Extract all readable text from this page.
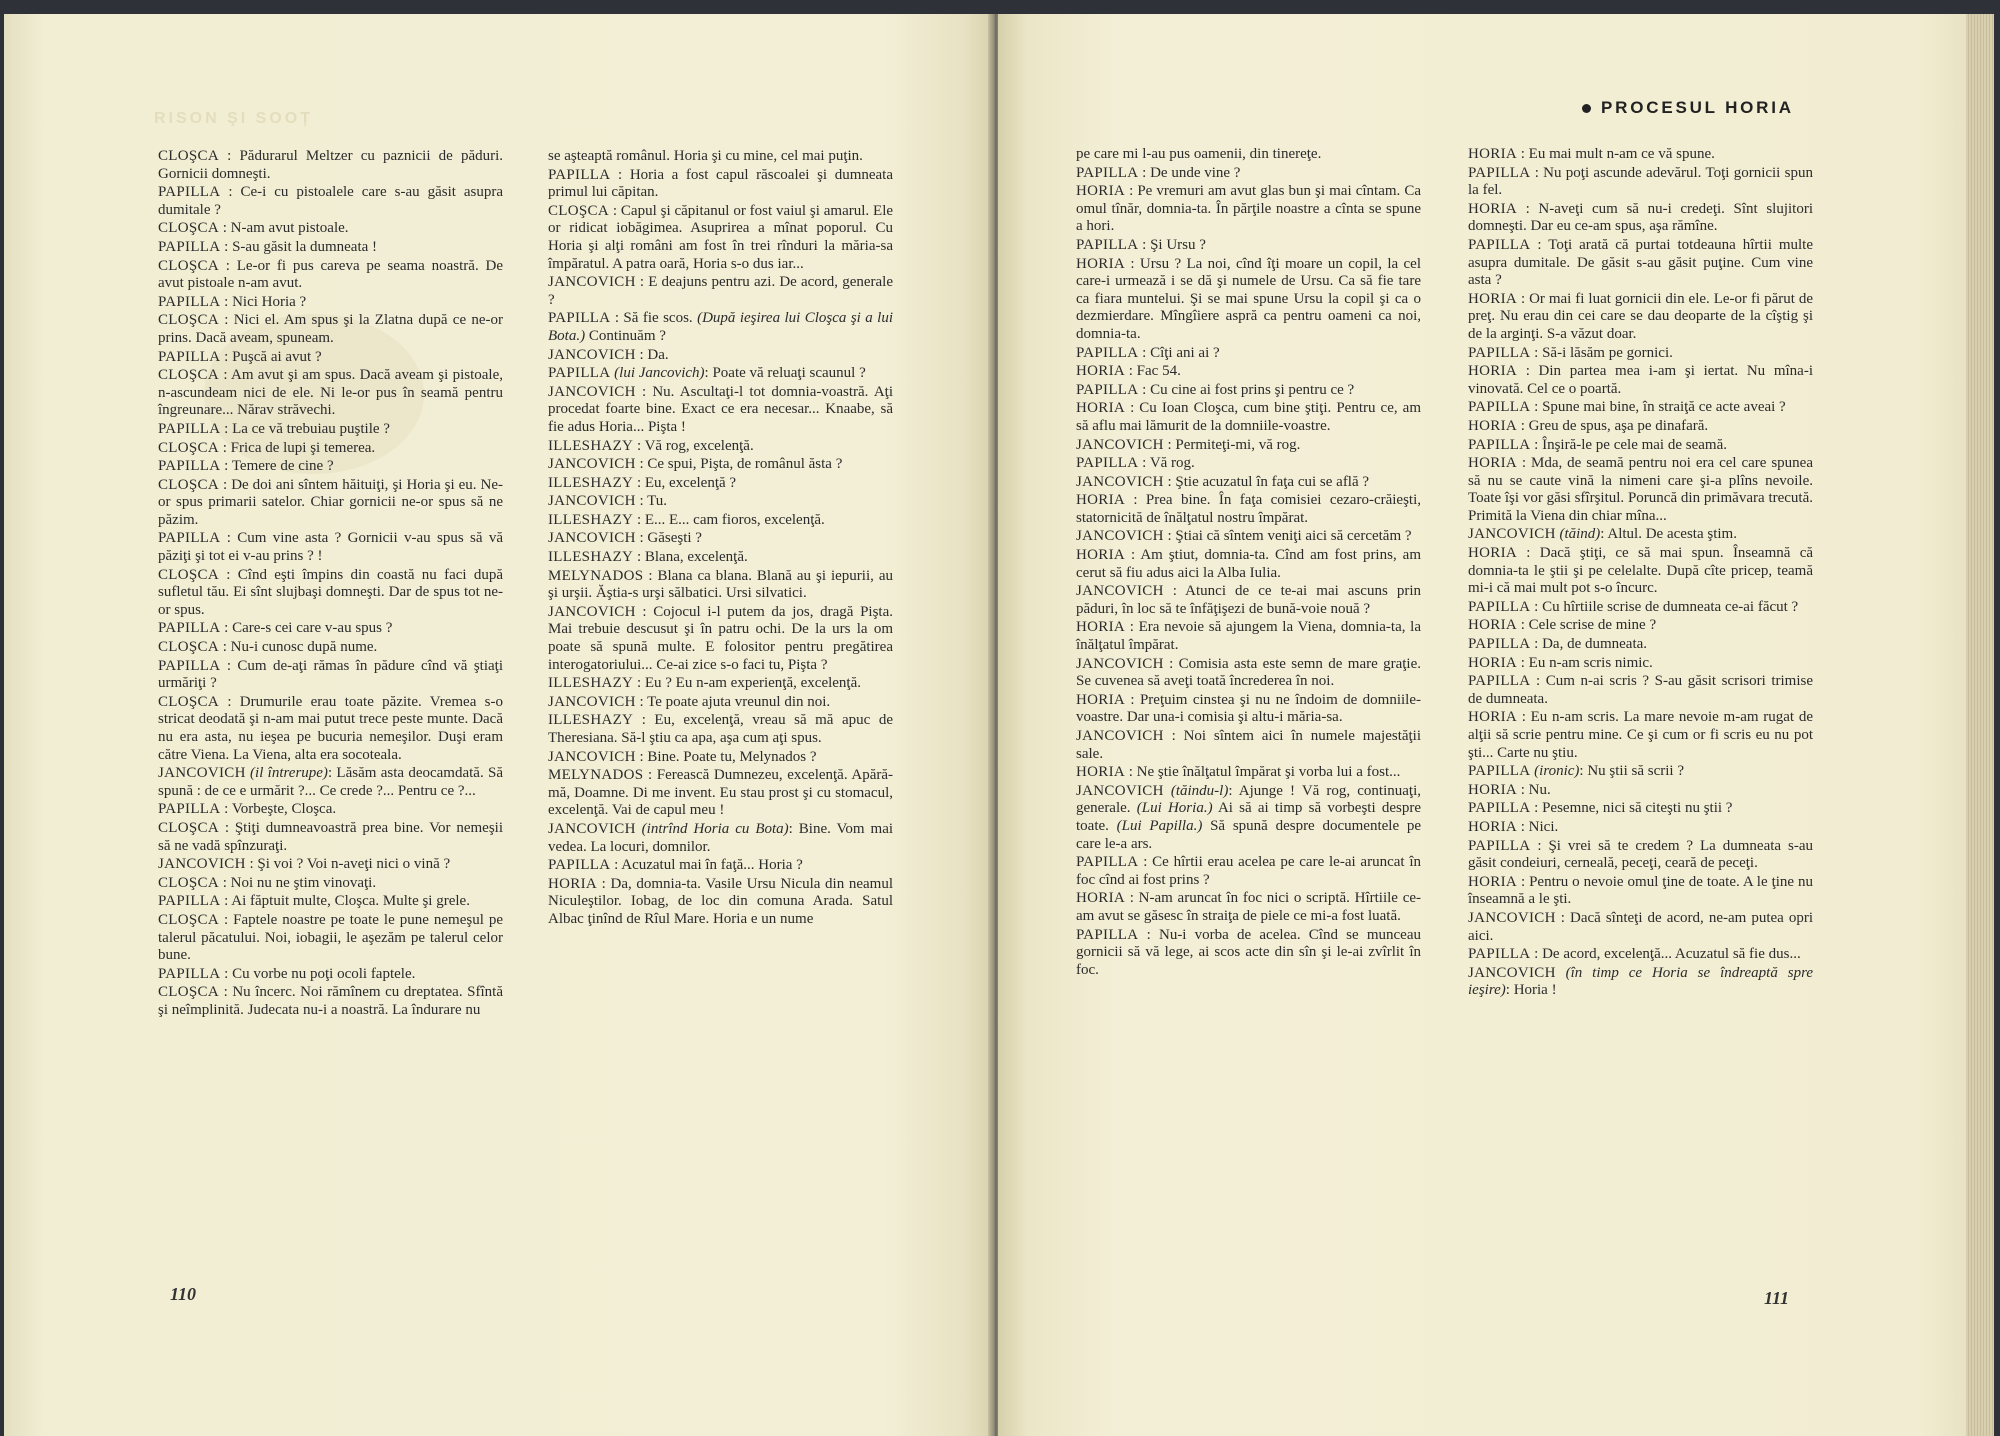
RISON ŞI SOOȚ
CLOŞCA : Pădurarul Meltzer cu paznicii de păduri. Gornicii domneşti.
PAPILLA : Ce-i cu pistoalele care s-au găsit asupra dumitale ?
CLOŞCA : N-am avut pistoale.
PAPILLA : S-au găsit la dumneata !
CLOŞCA : Le-or fi pus careva pe seama noastră. De avut pistoale n-am avut.
PAPILLA : Nici Horia ?
CLOŞCA : Nici el. Am spus şi la Zlatna după ce ne-or prins. Dacă aveam, spuneam.
PAPILLA : Puşcă ai avut ?
CLOŞCA : Am avut şi am spus. Dacă aveam şi pistoale, n-ascundeam nici de ele. Ni le-or pus în seamă pentru îngreunare... Nărav străvechi.
PAPILLA : La ce vă trebuiau puştile ?
CLOŞCA : Frica de lupi şi temerea.
PAPILLA : Temere de cine ?
CLOŞCA : De doi ani sîntem hăituiţi, şi Horia şi eu. Ne-or spus primarii satelor. Chiar gornicii ne-or spus să ne păzim.
PAPILLA : Cum vine asta ? Gornicii v-au spus să vă păziţi şi tot ei v-au prins ? !
CLOŞCA : Cînd eşti împins din coastă nu faci după sufletul tău. Ei sînt slujbaşi domneşti. Dar de spus tot ne-or spus.
PAPILLA : Care-s cei care v-au spus ?
CLOŞCA : Nu-i cunosc după nume.
PAPILLA : Cum de-aţi rămas în pădure cînd vă ştiaţi urmăriţi ?
CLOŞCA : Drumurile erau toate păzite. Vremea s-o stricat deodată şi n-am mai putut trece peste munte. Dacă nu era asta, nu ieşea pe bucuria nemeşilor. Duşi eram către Viena. La Viena, alta era socoteala.
JANCOVICH (il întrerupe): Lăsăm asta deocamdată. Să spună : de ce e urmărit ?... Ce crede ?... Pentru ce ?...
PAPILLA : Vorbeşte, Cloşca.
CLOŞCA : Ştiţi dumneavoastră prea bine. Vor nemeşii să ne vadă spînzuraţi.
JANCOVICH : Şi voi ? Voi n-aveţi nici o vină ?
CLOŞCA : Noi nu ne ştim vinovaţi.
PAPILLA : Ai făptuit multe, Cloşca. Multe şi grele.
CLOŞCA : Faptele noastre pe toate le pune nemeşul pe talerul păcatului. Noi, iobagii, le aşezăm pe talerul celor bune.
PAPILLA : Cu vorbe nu poţi ocoli faptele.
CLOŞCA : Nu încerc. Noi rămînem cu dreptatea. Sfîntă şi neîmplinită. Judecata nu-i a noastră. La îndurare nu
se aşteaptă românul. Horia şi cu mine, cel mai puţin.
PAPILLA : Horia a fost capul răscoalei şi dumneata primul lui căpitan.
CLOŞCA : Capul şi căpitanul or fost vaiul şi amarul. Ele or ridicat iobăgimea. Asuprirea a mînat poporul. Cu Horia şi alţi români am fost în trei rînduri la măria-sa împăratul. A patra oară, Horia s-o dus iar...
JANCOVICH : E deajuns pentru azi. De acord, generale ?
PAPILLA : Să fie scos. (După ieşirea lui Cloşca şi a lui Bota.) Continuăm ?
JANCOVICH : Da.
PAPILLA (lui Jancovich): Poate vă reluaţi scaunul ?
JANCOVICH : Nu. Ascultaţi-l tot domnia-voastră. Aţi procedat foarte bine. Exact ce era necesar... Knaabe, să fie adus Horia... Pişta !
ILLESHAZY : Vă rog, excelenţă.
JANCOVICH : Ce spui, Pişta, de românul ăsta ?
ILLESHAZY : Eu, excelenţă ?
JANCOVICH : Tu.
ILLESHAZY : E... E... cam fioros, excelenţă.
JANCOVICH : Găseşti ?
ILLESHAZY : Blana, excelenţă.
MELYNADOS : Blana ca blana. Blană au şi iepurii, au şi urşii. Ăştia-s urşi sălbatici. Ursi silvatici.
JANCOVICH : Cojocul i-l putem da jos, dragă Pişta. Mai trebuie descusut şi în patru ochi. De la urs la om poate să spună multe. E folositor pentru pregătirea interogatoriului... Ce-ai zice s-o faci tu, Pişta ?
ILLESHAZY : Eu ? Eu n-am experienţă, excelenţă.
JANCOVICH : Te poate ajuta vreunul din noi.
ILLESHAZY : Eu, excelenţă, vreau să mă apuc de Theresiana. Să-l ştiu ca apa, aşa cum aţi spus.
JANCOVICH : Bine. Poate tu, Melynados ?
MELYNADOS : Ferească Dumnezeu, excelenţă. Apără-mă, Doamne. Di me invent. Eu stau prost şi cu stomacul, excelenţă. Vai de capul meu !
JANCOVICH (intrînd Horia cu Bota): Bine. Vom mai vedea. La locuri, domnilor.
PAPILLA : Acuzatul mai în faţă... Horia ?
HORIA : Da, domnia-ta. Vasile Ursu Nicula din neamul Niculeştilor. Iobag, de loc din comuna Arada. Satul Albac ţinînd de Rîul Mare. Horia e un nume
110
PROCESUL HORIA
pe care mi l-au pus oamenii, din tinereţe.
PAPILLA : De unde vine ?
HORIA : Pe vremuri am avut glas bun şi mai cîntam. Ca omul tînăr, domnia-ta. În părţile noastre a cînta se spune a hori.
PAPILLA : Şi Ursu ?
HORIA : Ursu ? La noi, cînd îţi moare un copil, la cel care-i urmează i se dă şi numele de Ursu. Ca să fie tare ca fiara muntelui. Şi se mai spune Ursu la copil şi ca o dezmierdare. Mîngîiere aspră ca pentru oameni ca noi, domnia-ta.
PAPILLA : Cîţi ani ai ?
HORIA : Fac 54.
PAPILLA : Cu cine ai fost prins şi pentru ce ?
HORIA : Cu Ioan Cloşca, cum bine ştiţi. Pentru ce, am să aflu mai lămurit de la domniile-voastre.
JANCOVICH : Permiteţi-mi, vă rog.
PAPILLA : Vă rog.
JANCOVICH : Ştie acuzatul în faţa cui se află ?
HORIA : Prea bine. În faţa comisiei cezaro-crăieşti, statornicită de înălţatul nostru împărat.
JANCOVICH : Ştiai că sîntem veniţi aici să cercetăm ?
HORIA : Am ştiut, domnia-ta. Cînd am fost prins, am cerut să fiu adus aici la Alba Iulia.
JANCOVICH : Atunci de ce te-ai mai ascuns prin păduri, în loc să te înfăţişezi de bună-voie nouă ?
HORIA : Era nevoie să ajungem la Viena, domnia-ta, la înălţatul împărat.
JANCOVICH : Comisia asta este semn de mare graţie. Se cuvenea să aveţi toată încrederea în noi.
HORIA : Preţuim cinstea şi nu ne îndoim de domniile-voastre. Dar una-i comisia şi altu-i măria-sa.
JANCOVICH : Noi sîntem aici în numele majestăţii sale.
HORIA : Ne ştie înălţatul împărat şi vorba lui a fost...
JANCOVICH (tăindu-l): Ajunge ! Vă rog, continuaţi, generale. (Lui Horia.) Ai să ai timp să vorbeşti despre toate. (Lui Papilla.) Să spună despre documentele pe care le-a ars.
PAPILLA : Ce hîrtii erau acelea pe care le-ai aruncat în foc cînd ai fost prins ?
HORIA : N-am aruncat în foc nici o scriptă. Hîrtiile ce-am avut se găsesc în straiţa de piele ce mi-a fost luată.
PAPILLA : Nu-i vorba de acelea. Cînd se munceau gornicii să vă lege, ai scos acte din sîn şi le-ai zvîrlit în foc.
HORIA : Eu mai mult n-am ce vă spune.
PAPILLA : Nu poţi ascunde adevărul. Toţi gornicii spun la fel.
HORIA : N-aveţi cum să nu-i credeţi. Sînt slujitori domneşti. Dar eu ce-am spus, aşa rămîne.
PAPILLA : Toţi arată că purtai totdeauna hîrtii multe asupra dumitale. De găsit s-au găsit puţine. Cum vine asta ?
HORIA : Or mai fi luat gornicii din ele. Le-or fi părut de preţ. Nu erau din cei care se dau deoparte de la cîştig şi de la arginţi. S-a văzut doar.
PAPILLA : Să-i lăsăm pe gornici.
HORIA : Din partea mea i-am şi iertat. Nu mîna-i vinovată. Cel ce o poartă.
PAPILLA : Spune mai bine, în straiţă ce acte aveai ?
HORIA : Greu de spus, aşa pe dinafară.
PAPILLA : Înşiră-le pe cele mai de seamă.
HORIA : Mda, de seamă pentru noi era cel care spunea să nu se caute vină la nimeni care şi-a plîns nevoile. Toate îşi vor găsi sfîrşitul. Poruncă din primăvara trecută. Primită la Viena din chiar mîna...
JANCOVICH (tăind): Altul. De acesta ştim.
HORIA : Dacă ştiţi, ce să mai spun. Înseamnă că domnia-ta le ştii şi pe celelalte. După cîte pricep, teamă mi-i că mai mult pot s-o încurc.
PAPILLA : Cu hîrtiile scrise de dumneata ce-ai făcut ?
HORIA : Cele scrise de mine ?
PAPILLA : Da, de dumneata.
HORIA : Eu n-am scris nimic.
PAPILLA : Cum n-ai scris ? S-au găsit scrisori trimise de dumneata.
HORIA : Eu n-am scris. La mare nevoie m-am rugat de alţii să scrie pentru mine. Ce şi cum or fi scris eu nu pot şti... Carte nu ştiu.
PAPILLA (ironic): Nu ştii să scrii ?
HORIA : Nu.
PAPILLA : Pesemne, nici să citeşti nu ştii ?
HORIA : Nici.
PAPILLA : Şi vrei să te credem ? La dumneata s-au găsit condeiuri, cerneală, peceţi, ceară de peceţi.
HORIA : Pentru o nevoie omul ţine de toate. A le ţine nu înseamnă a le şti.
JANCOVICH : Dacă sînteţi de acord, ne-am putea opri aici.
PAPILLA : De acord, excelenţă... Acuzatul să fie dus...
JANCOVICH (în timp ce Horia se îndreaptă spre ieşire): Horia !
111
